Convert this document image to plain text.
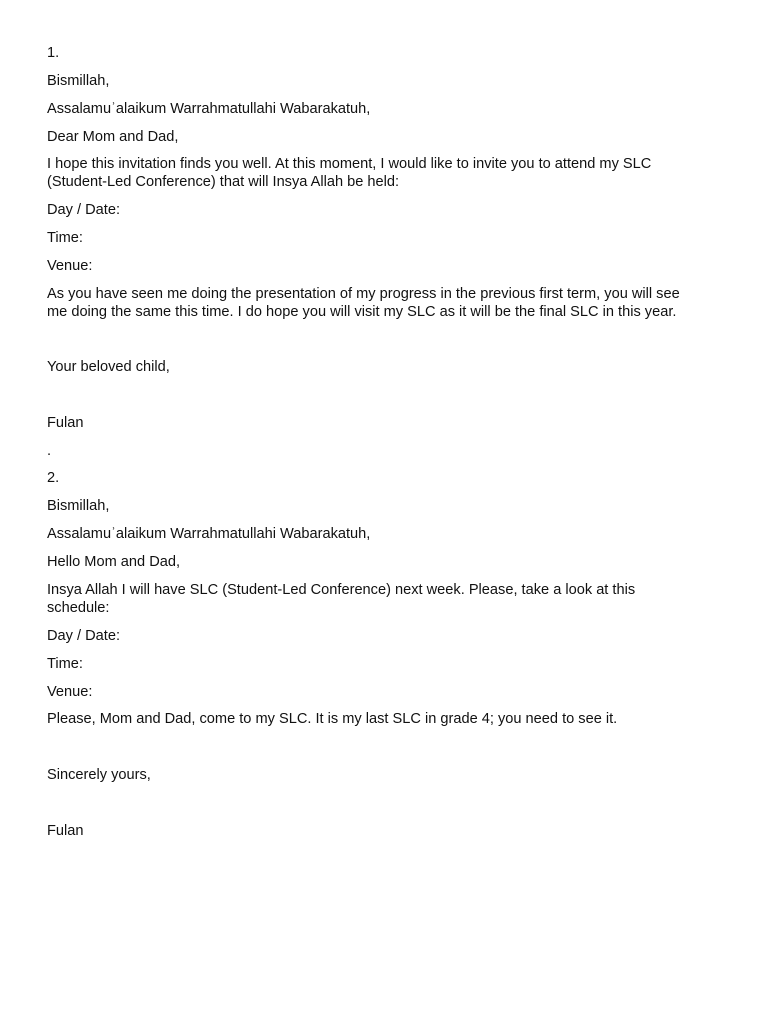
1.
Bismillah,
Assalamuʾalaikum Warrahmatullahi Wabarakatuh,
Dear Mom and Dad,
I hope this invitation finds you well. At this moment, I would like to invite you to attend my SLC
(Student-Led Conference) that will Insya Allah be held:
Day / Date:
Time:
Venue:
As you have seen me doing the presentation of my progress in the previous first term, you will see
me doing the same this time. I do hope you will visit my SLC as it will be the final SLC in this year.
Your beloved child,
Fulan
.
2.
Bismillah,
Assalamuʾalaikum Warrahmatullahi Wabarakatuh,
Hello Mom and Dad,
Insya Allah I will have SLC (Student-Led Conference) next week. Please, take a look at this
schedule:
Day / Date:
Time:
Venue:
Please, Mom and Dad, come to my SLC. It is my last SLC in grade 4; you need to see it.
Sincerely yours,
Fulan
